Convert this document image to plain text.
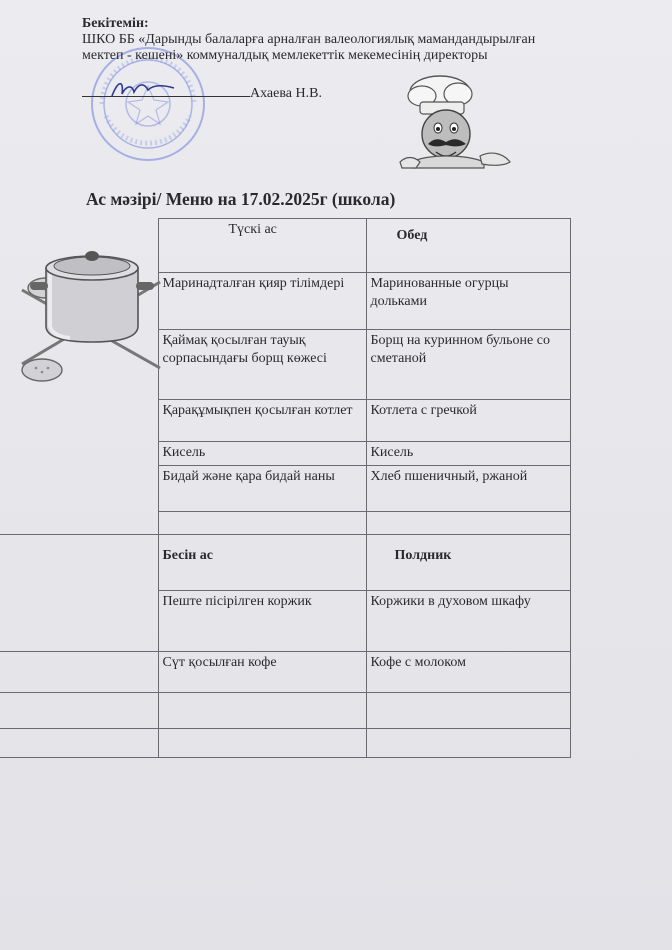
Бекітемін:
ШКО ББ «Дарынды балаларға арналған валеологиялық мамандандырылған
мектеп - кешені» коммуналдық мемлекеттік мекемесінің директоры
Ахаева Н.В.
Ас мәзірі/ Меню на 17.02.2025г (школа)
	Түскі ас	Обед
	Маринадталған қияр тілімдері	Маринованные огурцы дольками
	Қаймақ қосылған тауық сорпасындағы борщ көжесі	Борщ на куринном бульоне со сметаной
	Қарақұмықпен қосылған котлет	Котлета с гречкой
	Кисель	Кисель
	Бидай және қара бидай наны	Хлеб пшеничный, ржаной

	Бесін ас	Полдник
	Пеште пісірілген коржик	Коржики в духовом шкафу
	Сүт қосылған кофе	Кофе с молоком
